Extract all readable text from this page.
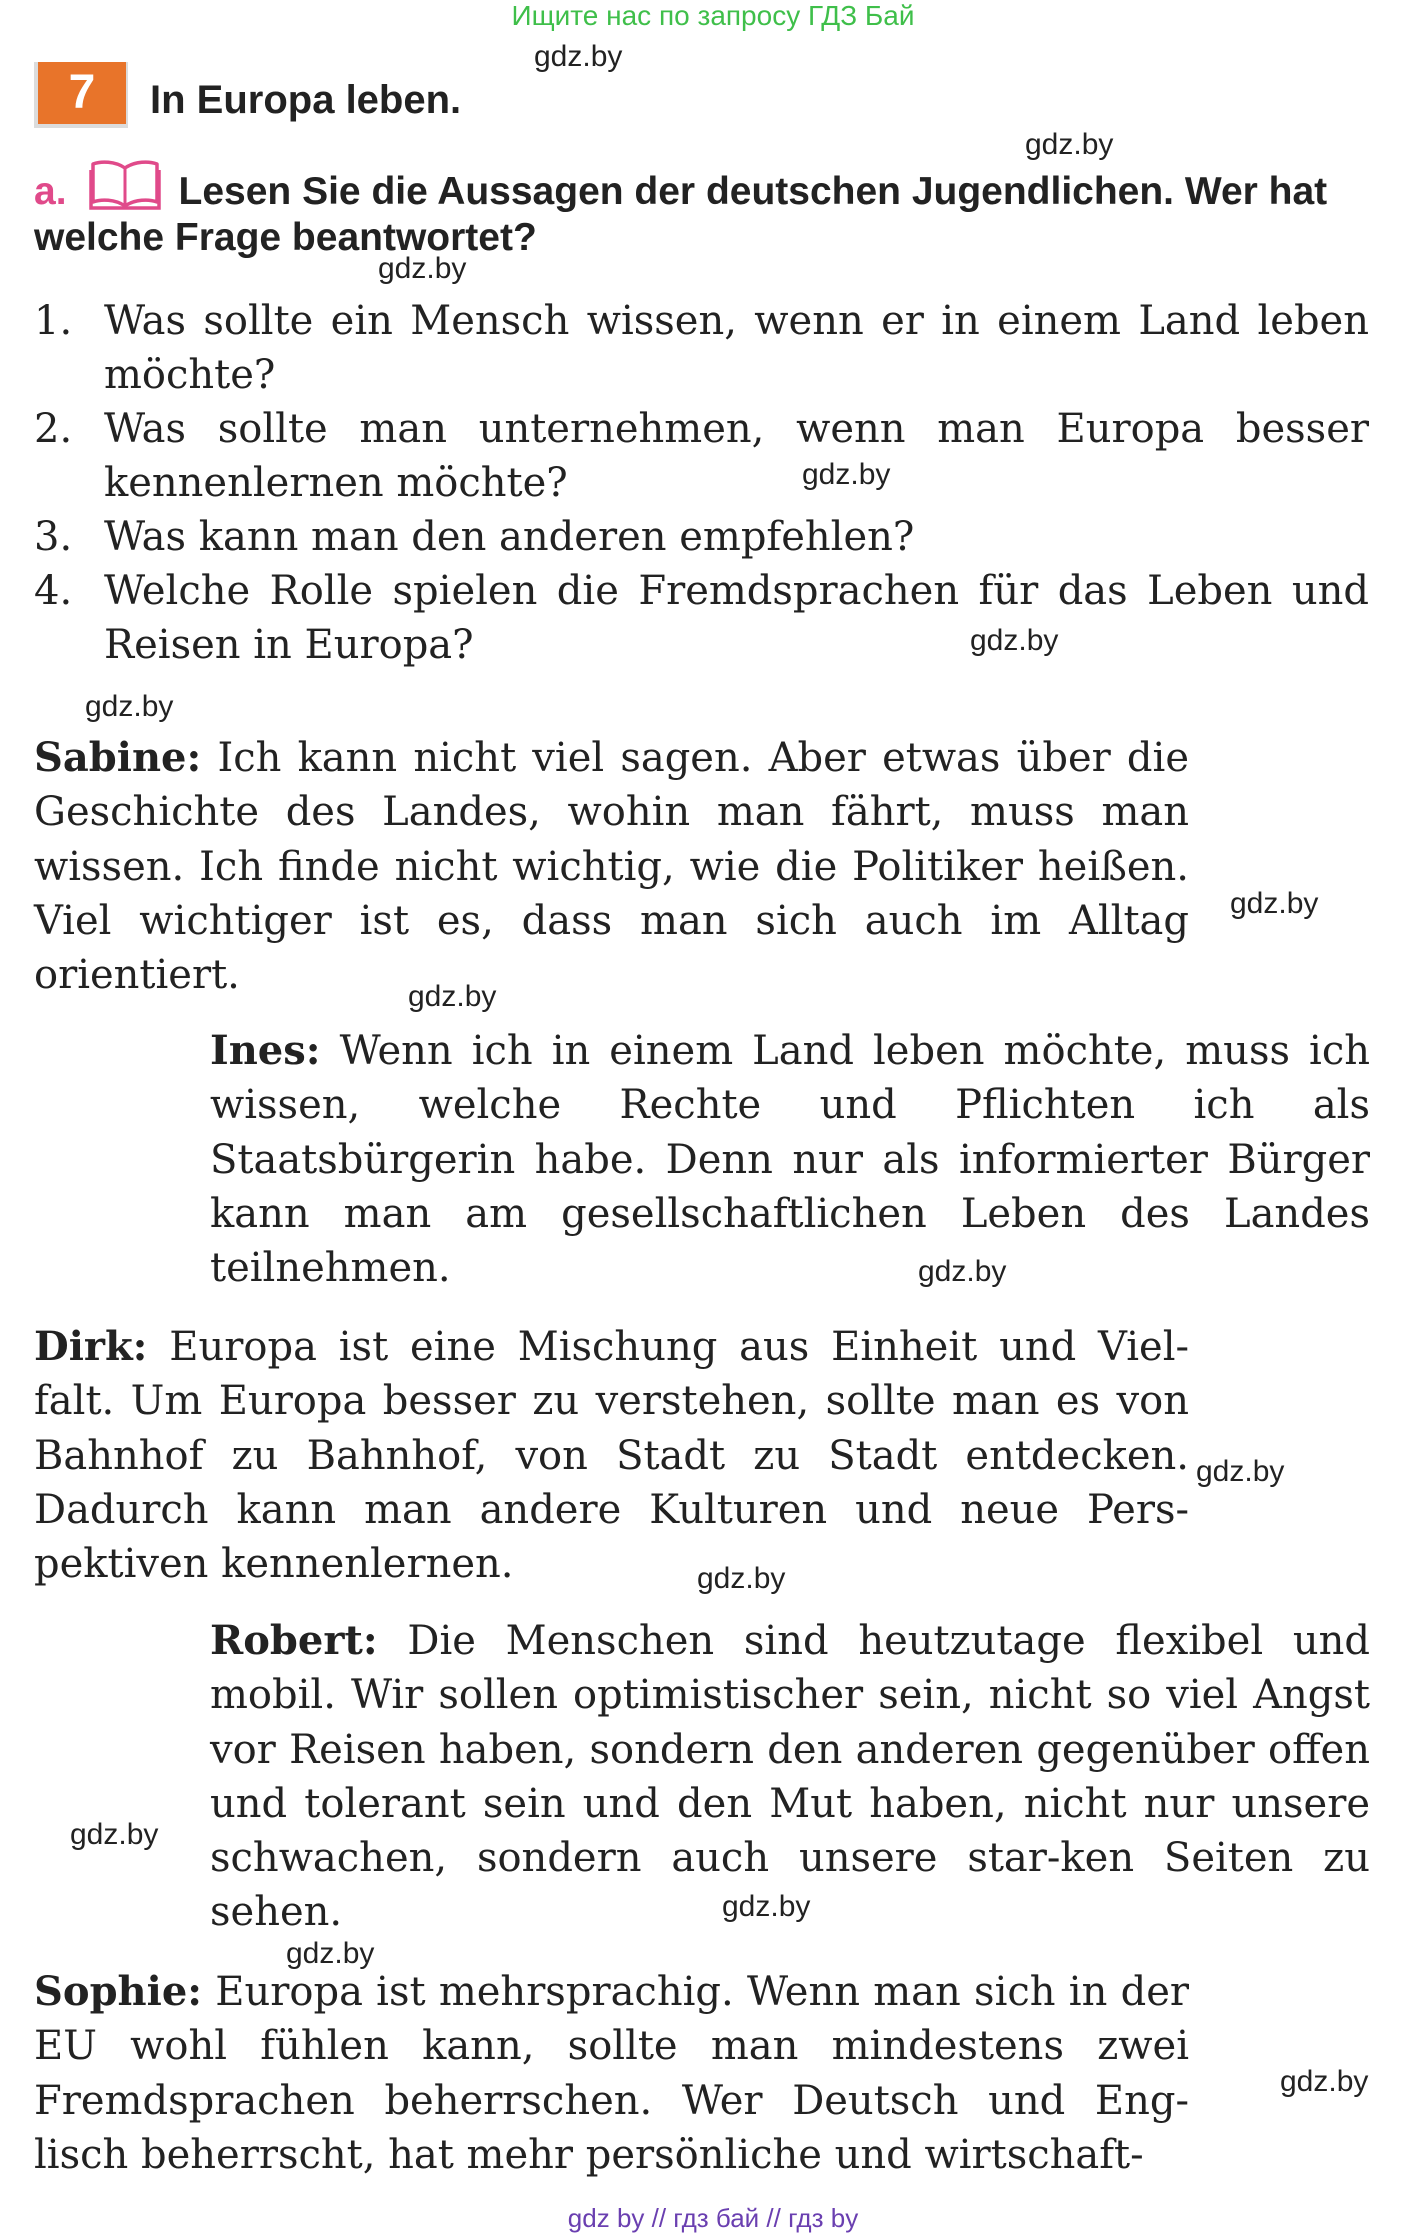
Ищите нас по запросу ГДЗ Бай
gdz.by
gdz.by
gdz.by
gdz.by
gdz.by
gdz.by
gdz.by
gdz.by
gdz.by
gdz.by
gdz.by
gdz.by
gdz.by
gdz.by
gdz.by
7	In Europa leben.
a.	Lesen Sie die Aussagen der deutschen Jugendlichen. Wer hat welche Frage beantwortet?
1. Was sollte ein Mensch wissen, wenn er in einem Land leben möchte?
2. Was sollte man unternehmen, wenn man Europa besser kennenlernen möchte?
3. Was kann man den anderen empfehlen?
4. Welche Rolle spielen die Fremdsprachen für das Leben und Reisen in Europa?
Sabine: Ich kann nicht viel sagen. Aber etwas über die Geschichte des Landes, wohin man fährt, muss man wissen. Ich finde nicht wichtig, wie die Politiker heißen. Viel wichtiger ist es, dass man sich auch im Alltag orientiert.
Ines: Wenn ich in einem Land leben möchte, muss ich wissen, welche Rechte und Pflichten ich als Staatsbürgerin habe. Denn nur als informierter Bürger kann man am gesellschaftlichen Leben des Landes teilnehmen.
Dirk: Europa ist eine Mischung aus Einheit und Viel-falt. Um Europa besser zu verstehen, sollte man es von Bahnhof zu Bahnhof, von Stadt zu Stadt entdecken. Dadurch kann man andere Kulturen und neue Pers-pektiven kennenlernen.
Robert: Die Menschen sind heutzutage flexibel und mobil. Wir sollen optimistischer sein, nicht so viel Angst vor Reisen haben, sondern den anderen gegenüber offen und tolerant sein und den Mut haben, nicht nur unsere schwachen, sondern auch unsere star-ken Seiten zu sehen.
Sophie: Europa ist mehrsprachig. Wenn man sich in der EU wohl fühlen kann, sollte man mindestens zwei Fremdsprachen beherrschen. Wer Deutsch und Eng-lisch beherrscht, hat mehr persönliche und wirtschaft-
gdz by // гдз бай // гдз by
